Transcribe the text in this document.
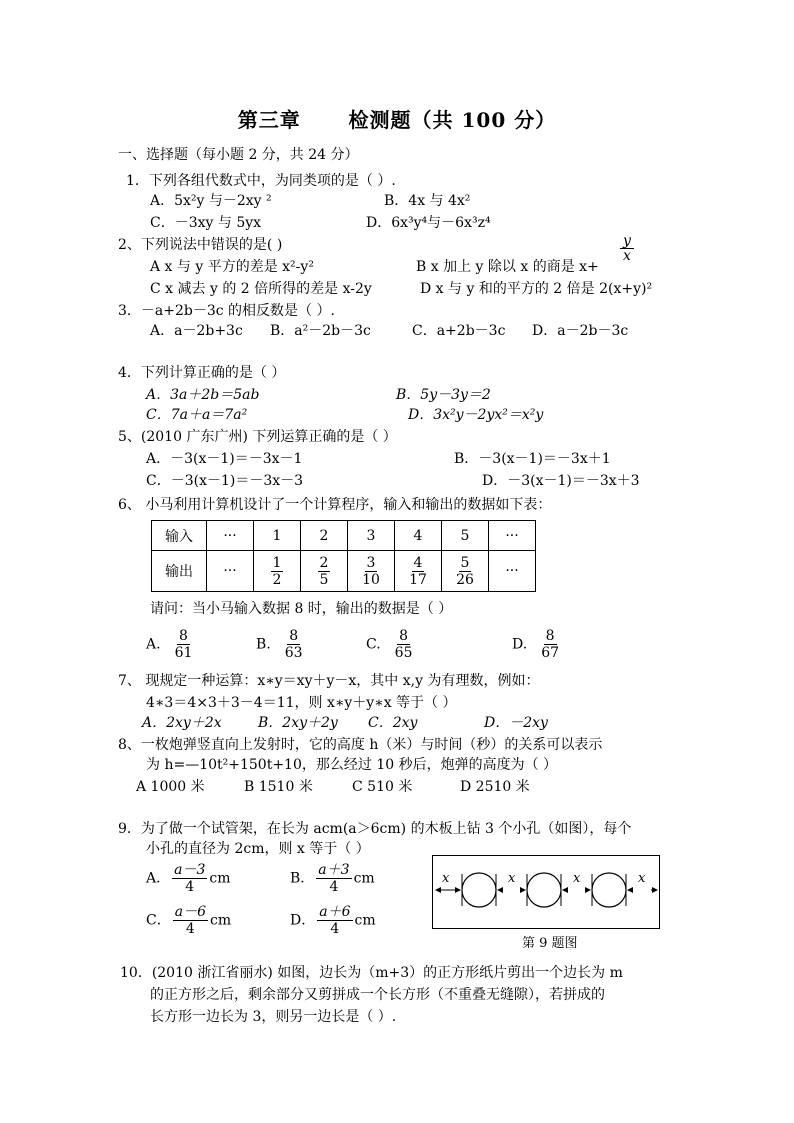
第三章 检测题（共 100 分）
一、选择题（每小题 2 分，共 24 分）
1．下列各组代数式中，为同类项的是（ ）.
A．5x²y 与－2xy ²	B．4x 与 4x²
C．－3xy 与 5yx	D．6x³y⁴与－6x³z⁴
2、下列说法中错误的是( )
A x 与 y 平方的差是 x²-y²	B x 加上 y 除以 x 的商是 x+
$\frac{y}{x}$
C x 减去 y 的 2 倍所得的差是 x-2y	D x 与 y 和的平方的 2 倍是 2(x+y)²
3．－a+2b－3c 的相反数是（ ）.
A．a－2b+3c B．a²－2b－3c	C．a+2b－3c D．a－2b－3c
4．下列计算正确的是（ ）
A．3a＋2b＝5ab	B．5y－3y＝2
C．7a＋a＝7a²	D．3x²y－2yx²＝x²y
5、(2010 广东广州) 下列运算正确的是（ ）
A．－3(x－1)＝－3x－1	B．－3(x－1)＝－3x＋1
C．－3(x－1)＝－3x－3	D．－3(x－1)＝－3x＋3
6、 小马利用计算机设计了一个计算程序，输入和输出的数据如下表：
输入	···	1	2	3	4	5	···
输出	···	$\frac{1}{2}$	$\frac{2}{5}$	$\frac{3}{10}$	$\frac{4}{17}$	$\frac{5}{26}$	···
请问：当小马输入数据 8 时，输出的数据是（ ）
A. $\frac{8}{61}$	B. $\frac{8}{63}$	C. $\frac{8}{65}$	D. $\frac{8}{67}$
7、 现规定一种运算：x∗y＝xy＋y－x，其中 x,y 为有理数，例如：
4∗3＝4×3＋3－4＝11，则 x∗y＋y∗x 等于（ ）
A．2xy＋2x	B．2xy＋2y C．2xy	D．－2xy
8、一枚炮弹竖直向上发射时，它的高度 h（米）与时间（秒）的关系可以表示
为 h=—10t²+150t+10，那么经过 10 秒后，炮弹的高度为（ ）
A 1000 米	B 1510 米	C 510 米	D 2510 米
9．为了做一个试管架，在长为 acm(a＞6cm) 的木板上钻 3 个小孔（如图），每个
小孔的直径为 2cm，则 x 等于（ ）
A． $\frac{a-3}{4}$ cm	B． $\frac{a+3}{4}$ cm
C． $\frac{a-6}{4}$ cm	D． $\frac{a+6}{4}$ cm
x	x	x	x
第 9 题图
10．(2010 浙江省丽水) 如图，边长为（m+3）的正方形纸片剪出一个边长为 m
的正方形之后，剩余部分又剪拼成一个长方形（不重叠无缝隙），若拼成的
长方形一边长为 3，则另一边长是（ ）.
